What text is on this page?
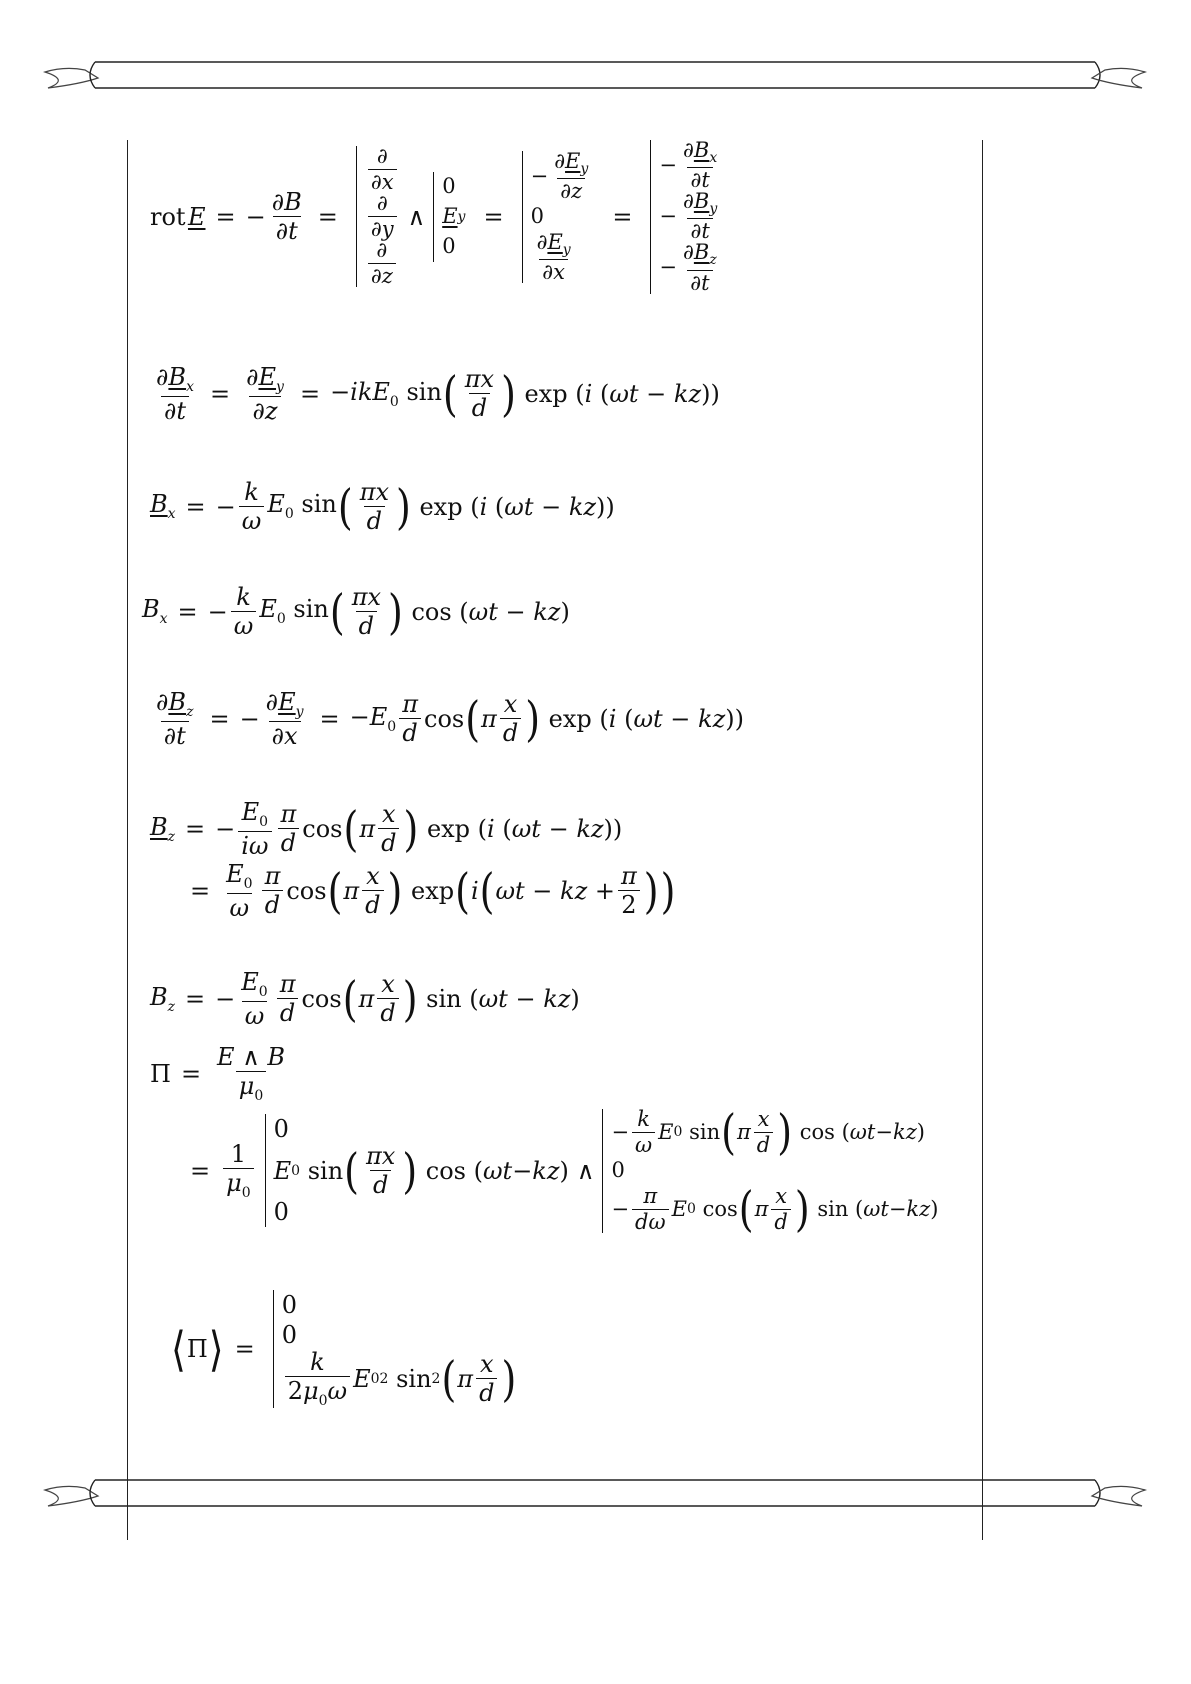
rot E = − $\frac{\partial B}{\partial t}$ =
$\frac{\partial}{\partial x}$
$\frac{\partial}{\partial y}$
$\frac{\partial}{\partial z}$
∧
0
E y
0
=
− $\frac{\partial E_y}{\partial z}$
0
$\frac{\partial E_y}{\partial x}$
=
− $\frac{\partial B_x}{\partial t}$
− $\frac{\partial B_y}{\partial t}$
− $\frac{\partial B_z}{\partial t}$
$\frac{\partial B_x}{\partial t} = \frac{\partial E_y}{\partial z} = -ikE_0$ sin ( $\frac{\pi x}{d}$ ) exp (i (ωt − kz))
$B_x$ = − $\frac{k}{\omega} E_0$ sin ( $\frac{\pi x}{d}$ ) exp (i (ωt − kz))
$B_x$ = − $\frac{k}{\omega} E_0$ sin ( $\frac{\pi x}{d}$ ) cos (ωt − kz)
$\frac{\partial B_z}{\partial t}$ = − $\frac{\partial E_y}{\partial x} = -E_0 \frac{\pi}{d}$ cos ( π $\frac{x}{d}$ ) exp (i (ωt − kz))
$B_z$ = − $\frac{E_0}{i\omega} \frac{\pi}{d}$ cos ( π $\frac{x}{d}$ ) exp (i (ωt − kz))
= $\frac{E_0}{\omega} \frac{\pi}{d}$ cos ( π $\frac{x}{d}$ ) exp ( i ( ωt − kz + $\frac{\pi}{2}$ ) )
$B_z$ = − $\frac{E_0}{\omega} \frac{\pi}{d}$ cos ( π $\frac{x}{d}$ ) sin (ωt − kz)
$\Pi = \frac{E \wedge B}{\mu_0}$
= $\frac{1}{\mu_0}$
0
E 0 sin ( $\frac{\pi x}{d}$ ) cos ( ωt − kz )
0
∧
− $\frac{k}{\omega}$ E 0 sin ( π $\frac{x}{d}$ ) cos ( ωt − kz )
0
− $\frac{\pi}{d\omega}$ E 0 cos ( π $\frac{x}{d}$ ) sin ( ωt − kz )
⟨ Π ⟩ =
0
0
$\frac{k}{2\mu_0\omega}$ E 0 2 sin 2 ( π $\frac{x}{d}$ )
